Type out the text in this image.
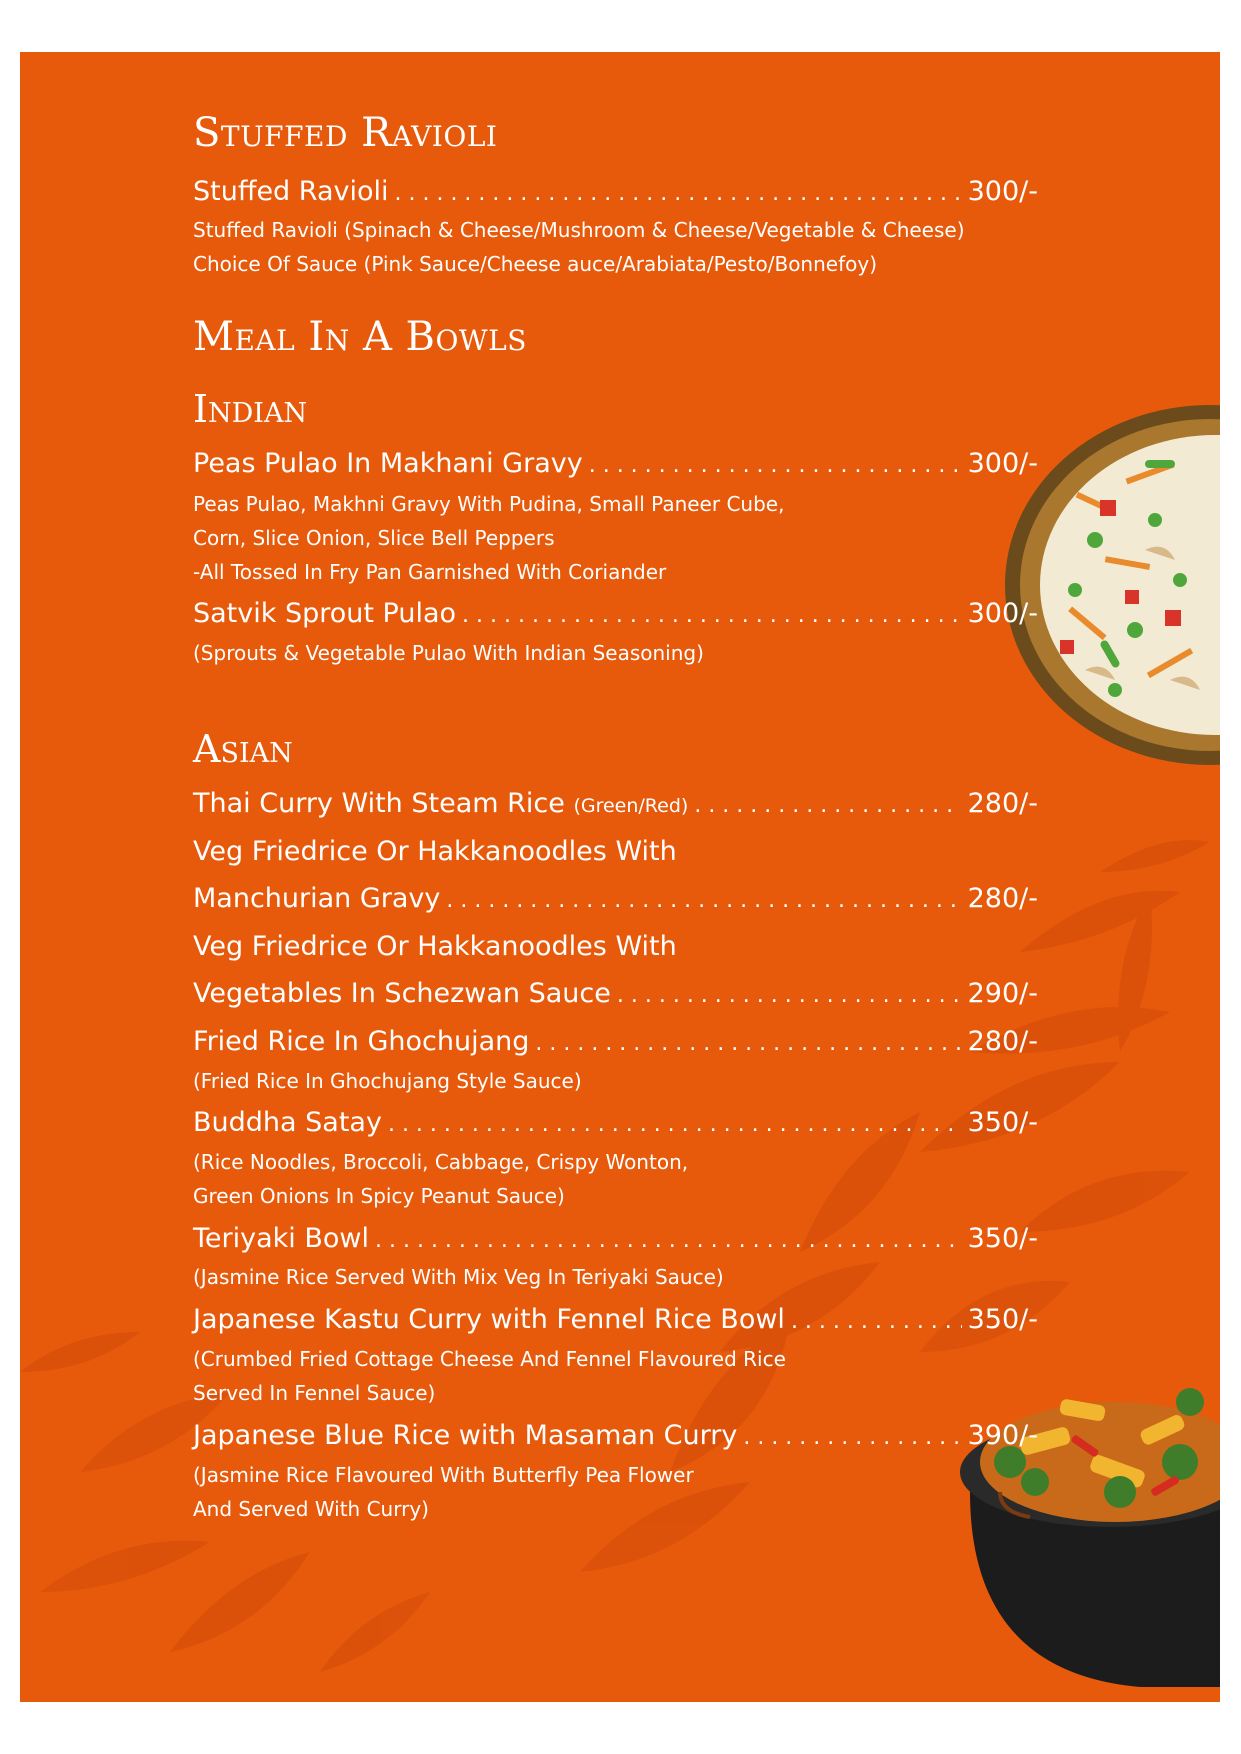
Stuffed Ravioli
Stuffed Ravioli . . .	300/-
Stuffed Ravioli (Spinach & Cheese/Mushroom & Cheese/Vegetable & Cheese)
Choice Of Sauce (Pink Sauce/Cheese auce/Arabiata/Pesto/Bonnefoy)
Meal In A Bowls
Indian
Peas Pulao In Makhani Gravy . . .	300/-
Peas Pulao, Makhni Gravy With Pudina, Small Paneer Cube,
Corn, Slice Onion, Slice Bell Peppers
-All Tossed In Fry Pan Garnished With Coriander
Satvik Sprout Pulao . . .	300/-
(Sprouts & Vegetable Pulao With Indian Seasoning)
Asian
Thai Curry With Steam Rice (Green/Red) . . .	280/-
Veg Friedrice Or Hakkanoodles With
Manchurian Gravy . . .	280/-
Veg Friedrice Or Hakkanoodles With
Vegetables In Schezwan Sauce . . .	290/-
Fried Rice In Ghochujang . . .	280/-
(Fried Rice In Ghochujang Style Sauce)
Buddha Satay . . .	350/-
(Rice Noodles, Broccoli, Cabbage, Crispy Wonton,
Green Onions In Spicy Peanut Sauce)
Teriyaki Bowl . . .	350/-
(Jasmine Rice Served With Mix Veg In Teriyaki Sauce)
Japanese Kastu Curry with Fennel Rice Bowl . . .	350/-
(Crumbed Fried Cottage Cheese And Fennel Flavoured Rice
Served In Fennel Sauce)
Japanese Blue Rice with Masaman Curry . . .	390/-
(Jasmine Rice Flavoured With Butterfly Pea Flower
And Served With Curry)
